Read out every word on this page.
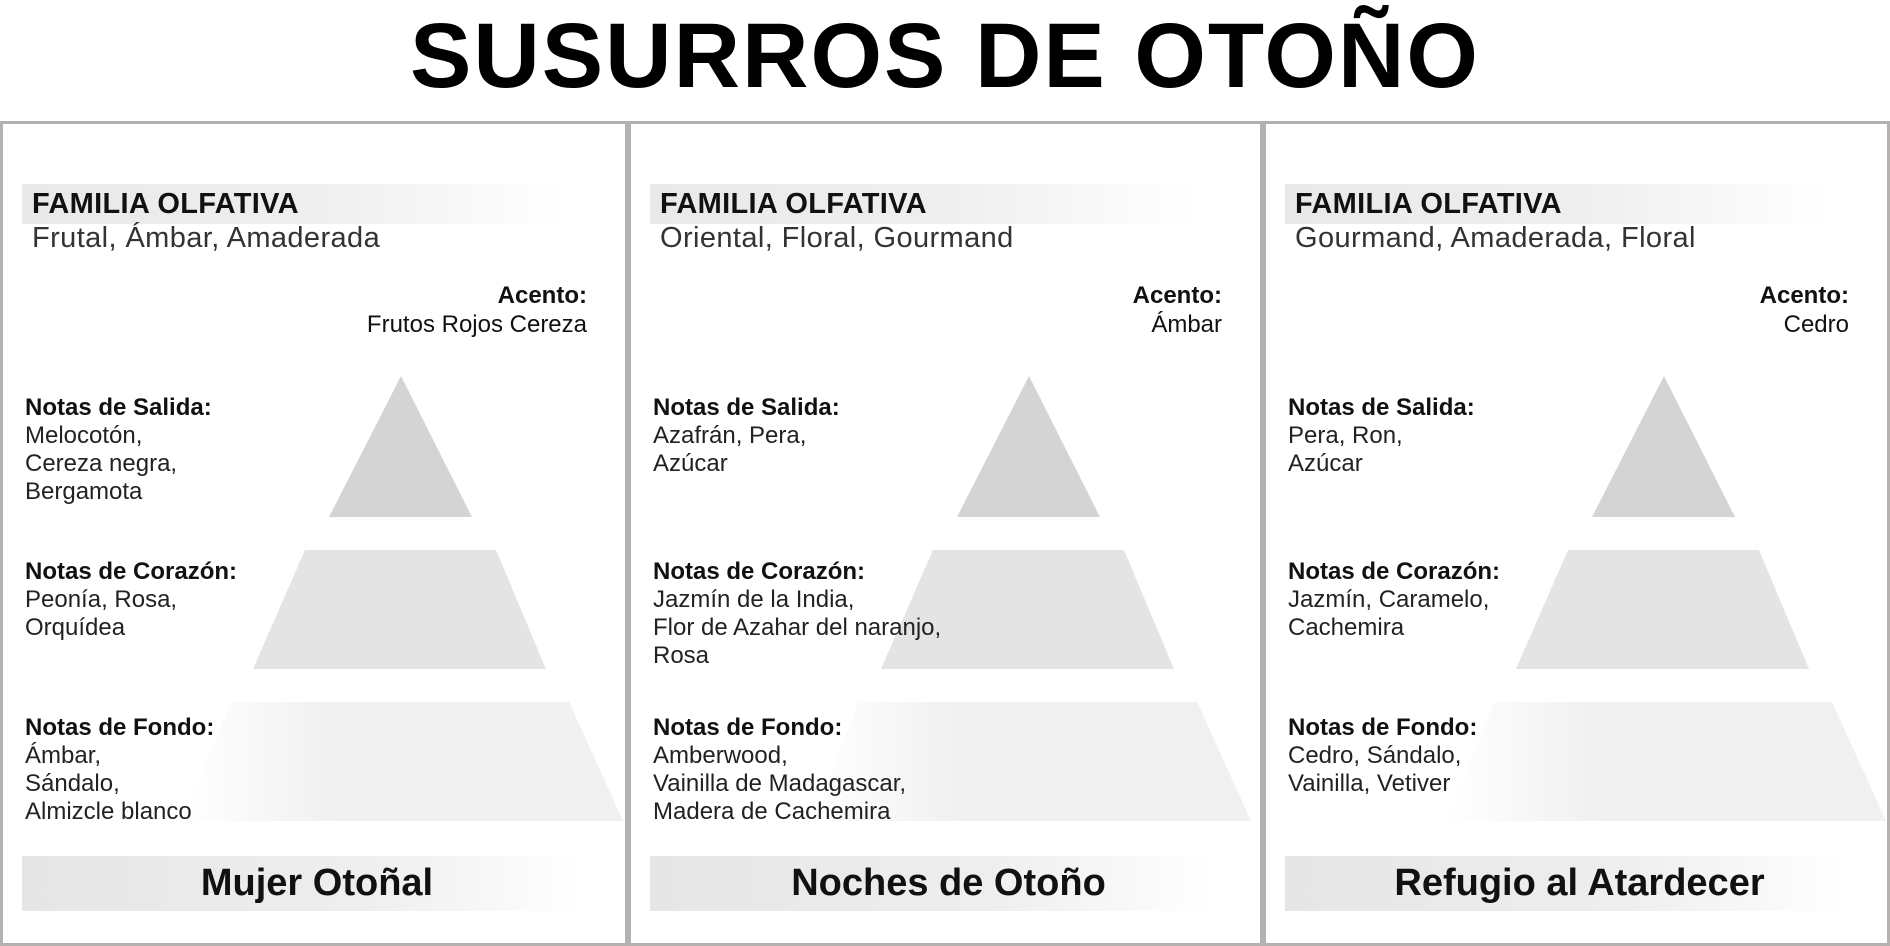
SUSURROS DE OTOÑO
FAMILIA OLFATIVA
Frutal, Ámbar, Amaderada
Acento:
Frutos Rojos Cereza
Notas de Salida:
Melocotón,
Cereza negra,
Bergamota
Notas de Corazón:
Peonía, Rosa,
Orquídea
Notas de Fondo:
Ámbar,
Sándalo,
Almizcle blanco
Mujer Otoñal
FAMILIA OLFATIVA
Oriental, Floral, Gourmand
Acento:
Ámbar
Notas de Salida:
Azafrán, Pera,
Azúcar
Notas de Corazón:
Jazmín de la India,
Flor de Azahar del naranjo,
Rosa
Notas de Fondo:
Amberwood,
Vainilla de Madagascar,
Madera de Cachemira
Noches de Otoño
FAMILIA OLFATIVA
Gourmand, Amaderada, Floral
Acento:
Cedro
Notas de Salida:
Pera, Ron,
Azúcar
Notas de Corazón:
Jazmín, Caramelo,
Cachemira
Notas de Fondo:
Cedro, Sándalo,
Vainilla, Vetiver
Refugio al Atardecer
